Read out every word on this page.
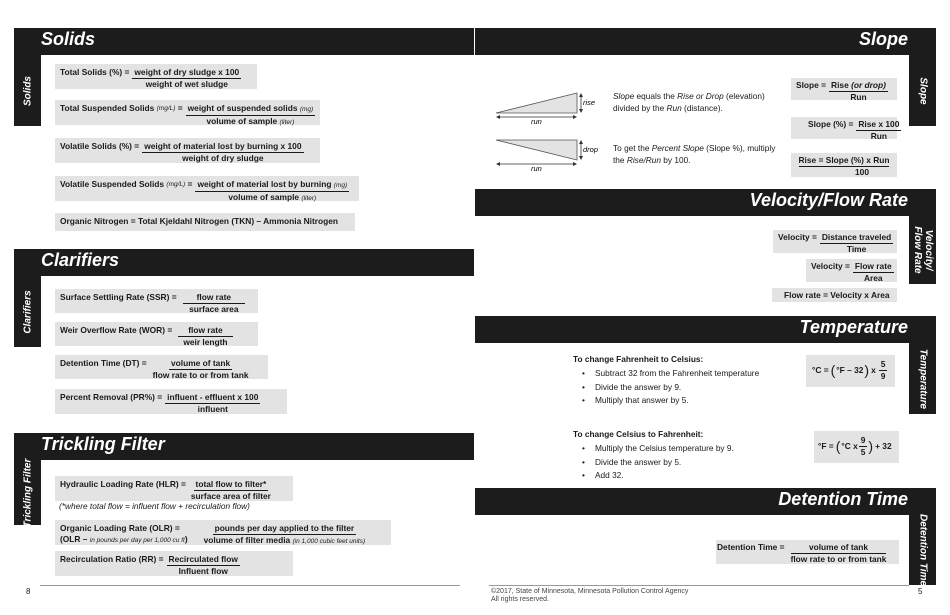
Solids
Solids
Total Solids (%) = $\frac{\text{weight of dry sludge x 100}}{\text{weight of wet sludge}}$
Total Suspended Solids
(mg/L)
= $\frac{\text{weight of suspended solids (mg)}}{\text{volume of sample (liter)}}$
Volatile Solids (%) = $\frac{\text{weight of material lost by burning x 100}}{\text{weight of dry sludge}}$
Volatile Suspended Solids
(mg/L)
= $\frac{\text{weight of material lost by burning (mg)}}{\text{volume of sample (liter)}}$
Organic Nitrogen = Total Kjeldahl Nitrogen (TKN) – Ammonia Nitrogen
Clarifiers
Clarifiers	Surface Settling Rate $(SSR) = \frac{\text{flow rate}}{\text{surface area}}$
Weir Overflow Rate $(WOR) = \frac{\text{flow rate}}{\text{weir length}}$
Detention Time $(DT) = \frac{\text{volume of tank}}{\text{flow rate to or from tank}}$
Percent Removal $(PR\%) = \frac{\text{influent - effluent x 100}}{\text{influent}}$
Trickling Filter
Trickling Filter	Hydraulic Loading Rate $(HLR) = \frac{\text{total flow to filter*}}{\text{surface area of filter}}$
(*where total flow = influent flow + recirculation flow)
Organic Loading Rate (OLR) =
(OLR – in pounds per day per 1,000 cu $ft) \frac{\text{pounds per day applied to the filter}}{\text{volume of filter media (in 1,000 cubic feet units)}}$
Recirculation Ratio $(RR) = \frac{\text{Recirculated flow}}{\text{Influent flow}}$
8
Slope
Slope
rise
run
drop
run
Slope equals the Rise or Drop (elevation) divided by the Run (distance).
To get the Percent Slope (Slope %), multiply the Rise/Run by 100.
Slope = $\frac{\text{Rise (or drop)}}{\text{Run}}$
Slope (%) = $\frac{\text{Rise x 100}}{\text{Run}}$
Rise = Slope (%) x Run
100
Velocity/Flow Rate
Velocity/ Flow Rate
Velocity = $\frac{\text{Distance traveled}}{\text{Time}}$
Velocity = $\frac{\text{Flow rate}}{\text{Area}}$
Flow rate = Velocity x Area
Temperature
Temperature
To change Fahrenheit to Celsius:
• Subtract 32 from the Fahrenheit temperature
• Divide the answer by 9.
• Multiply that answer by 5.
To change Celsius to Fahrenheit:
• Multiply the Celsius temperature by 9.
• Divide the answer by 5.
• Add 32.
°C = ( °F – 32 ) x $\frac{5}{9}$
°F = ( °C x $\frac{9}{5}$ ) + 32
Detention Time
Detention Time
Detention Time = $\frac{\text{volume of tank}}{\text{flow rate to or from tank}}$
©2017, State of Minnesota, Minnesota Pollution Control Agency
All rights reserved.
5
